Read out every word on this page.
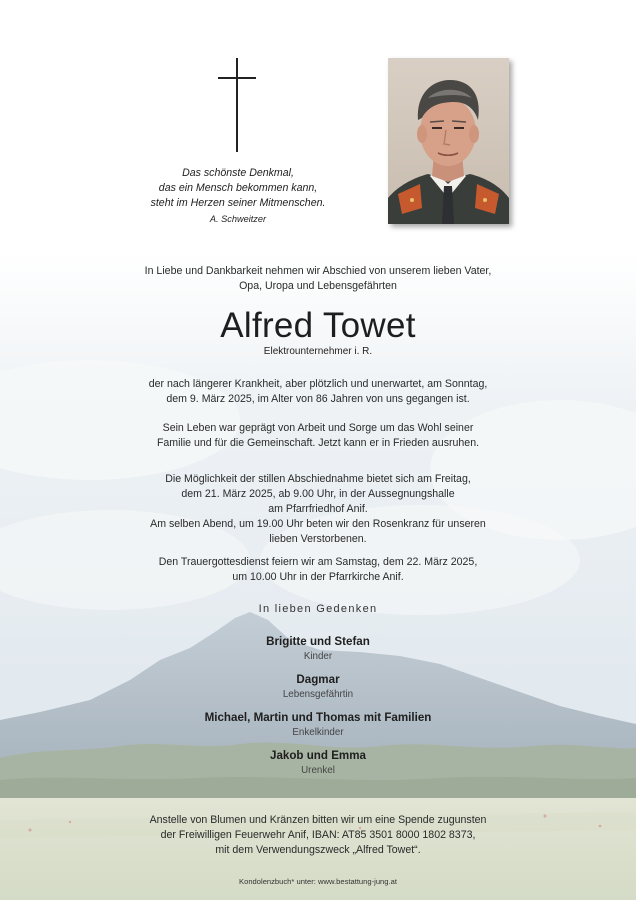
Das schönste Denkmal,
das ein Mensch bekommen kann,
steht im Herzen seiner Mitmenschen.
A. Schweitzer
In Liebe und Dankbarkeit nehmen wir Abschied von unserem lieben Vater,
Opa, Uropa und Lebensgefährten
Alfred Towet
Elektrounternehmer i. R.
der nach längerer Krankheit, aber plötzlich und unerwartet, am Sonntag,
dem 9. März 2025, im Alter von 86 Jahren von uns gegangen ist.
Sein Leben war geprägt von Arbeit und Sorge um das Wohl seiner
Familie und für die Gemeinschaft. Jetzt kann er in Frieden ausruhen.
Die Möglichkeit der stillen Abschiednahme bietet sich am Freitag,
dem 21. März 2025, ab 9.00 Uhr, in der Aussegnungshalle
am Pfarrfriedhof Anif.
Am selben Abend, um 19.00 Uhr beten wir den Rosenkranz für unseren
lieben Verstorbenen.
Den Trauergottesdienst feiern wir am Samstag, dem 22. März 2025,
um 10.00 Uhr in der Pfarrkirche Anif.
In lieben Gedenken
Brigitte und Stefan
Kinder
Dagmar
Lebensgefährtin
Michael, Martin und Thomas mit Familien
Enkelkinder
Jakob und Emma
Urenkel
Anstelle von Blumen und Kränzen bitten wir um eine Spende zugunsten
der Freiwilligen Feuerwehr Anif, IBAN: AT85 3501 8000 1802 8373,
mit dem Verwendungszweck „Alfred Towet“.
Kondolenzbuch* unter: www.bestattung-jung.at
